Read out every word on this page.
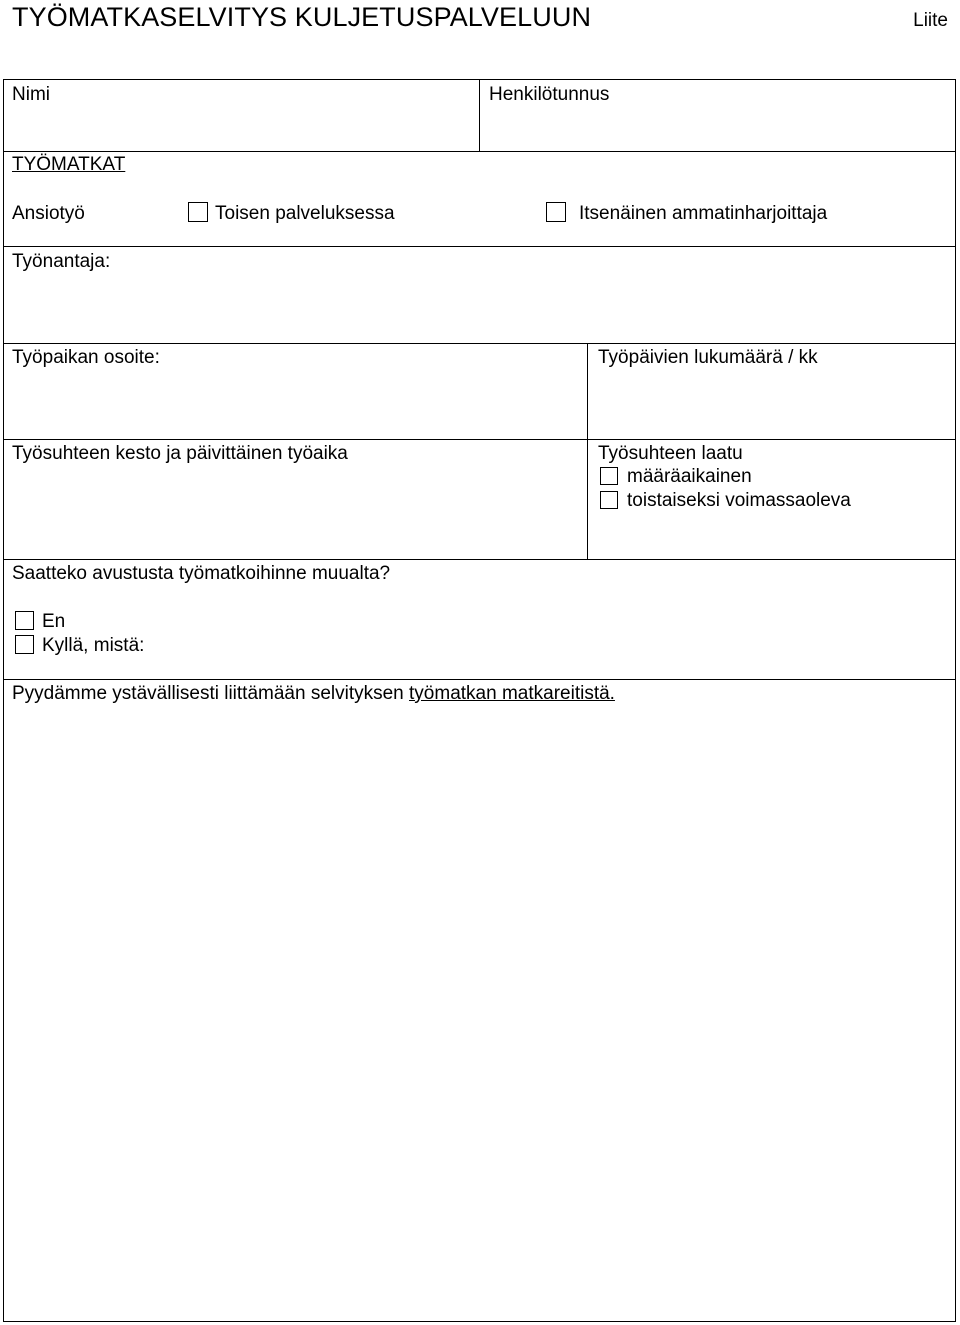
TYÖMATKASELVITYS KULJETUSPALVELUUN	Liite
Nimi	Henkilötunnus
TYÖMATKAT
Ansiotyö	Toisen palveluksessa	Itsenäinen ammatinharjoittaja
Työnantaja:
Työpaikan osoite:	Työpäivien lukumäärä / kk
Työsuhteen kesto ja päivittäinen työaika	Työsuhteen laatu
määräaikainen
toistaiseksi voimassaoleva
Saatteko avustusta työmatkoihinne muualta?
En
Kyllä, mistä:
Pyydämme ystävällisesti liittämään selvityksen työmatkan matkareitistä.
